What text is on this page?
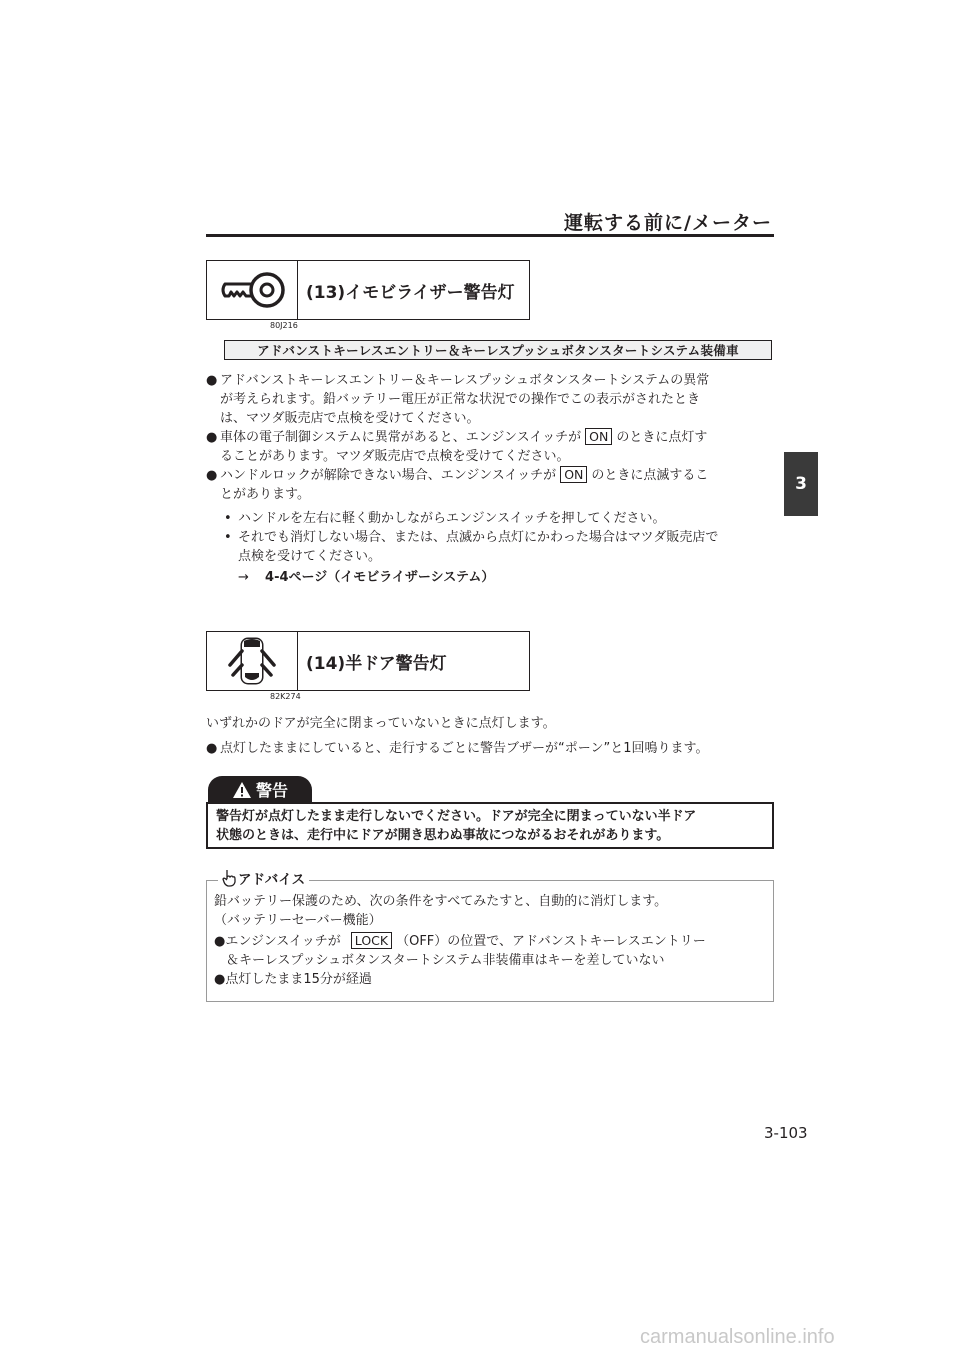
運転する前に/メーター
3
(13)イモビライザー警告灯
80J216
アドバンストキーレスエントリー＆キーレスプッシュボタンスタートシステム装備車
● アドバンストキーレスエントリー＆キーレスプッシュボタンスタートシステムの異常
が考えられます。鉛バッテリー電圧が正常な状況での操作でこの表示がされたとき
は、マツダ販売店で点検を受けてください。
● 車体の電子制御システムに異常があると、エンジンスイッチが ON のときに点灯す
ることがあります。マツダ販売店で点検を受けてください。
● ハンドルロックが解除できない場合、エンジンスイッチが ON のときに点滅するこ
とがあります。
• ハンドルを左右に軽く動かしながらエンジンスイッチを押してください。
• それでも消灯しない場合、または、点滅から点灯にかわった場合はマツダ販売店で
点検を受けてください。
→ 4-4ページ（イモビライザーシステム）
(14)半ドア警告灯
82K274
いずれかのドアが完全に閉まっていないときに点灯します。
● 点灯したままにしていると、走行するごとに警告ブザーが“ポーン”と1回鳴ります。
警告
警告灯が点灯したまま走行しないでください。ドアが完全に閉まっていない半ドア
状態のときは、走行中にドアが開き思わぬ事故につながるおそれがあります。
アドバイス
鉛バッテリー保護のため、次の条件をすべてみたすと、自動的に消灯します。
（バッテリーセーバー機能）
●エンジンスイッチが LOCK （OFF）の位置で、アドバンストキーレスエントリー
＆キーレスプッシュボタンスタートシステム非装備車はキーを差していない
●点灯したまま15分が経過
3-103
carmanualsonline.info
